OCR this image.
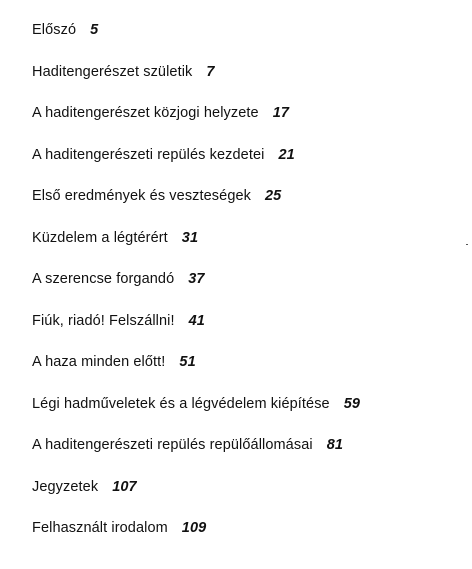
Előszó 5
Haditengerészet születik 7
A haditengerészet közjogi helyzete 17
A haditengerészeti repülés kezdetei 21
Első eredmények és veszteségek 25
Küzdelem a légtérért 31
A szerencse forgandó 37
Fiúk, riadó! Felszállni! 41
A haza minden előtt! 51
Légi hadműveletek és a légvédelem kiépítése 59
A haditengerészeti repülés repülőállomásai 81
Jegyzetek 107
Felhasznált irodalom 109
